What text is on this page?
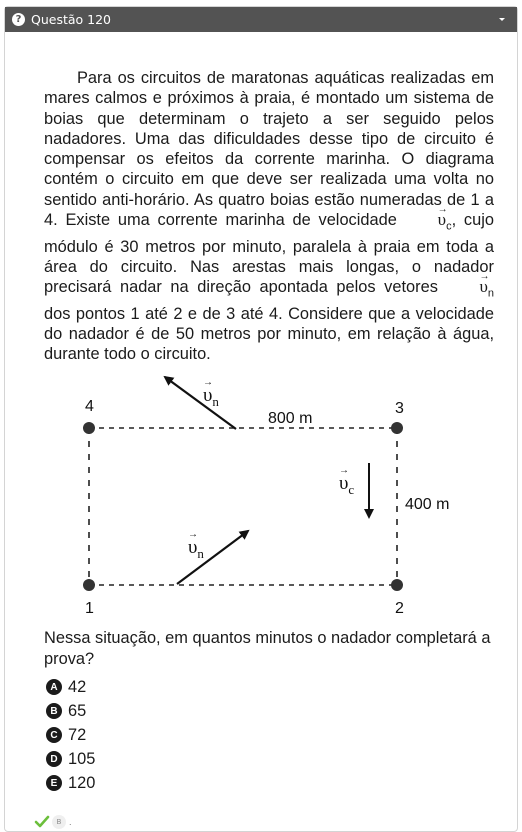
? Questão 120

Para os circuitos de maratonas aquáticas realizadas em mares calmos e próximos à praia, é montado um sistema de boias que determinam o trajeto a ser seguido pelos nadadores. Uma das dificuldades desse tipo de circuito é compensar os efeitos da corrente marinha. O diagrama contém o circuito em que deve ser realizada uma volta no sentido anti-horário. As quatro boias estão numeradas de 1 a 4. Existe uma corrente marinha de velocidade → $\upsilon_c$, cujo módulo é 30 metros por minuto, paralela à praia em toda a área do circuito. Nas arestas mais longas, o nadador precisará nadar na direção apontada pelos vetores → $\upsilon_n$ dos pontos 1 até 2 e de 3 até 4. Considere que a velocidade do nadador é de 50 metros por minuto, em relação à água, durante todo o circuito.

4	3
1	2
800 m
400 m
$\upsilon_n$
→
$\upsilon_n$
→
$\upsilon_c$
→

Nessa situação, em quantos minutos o nadador completará a prova?

A 42
B 65
C 72
D 105
E 120
B .
